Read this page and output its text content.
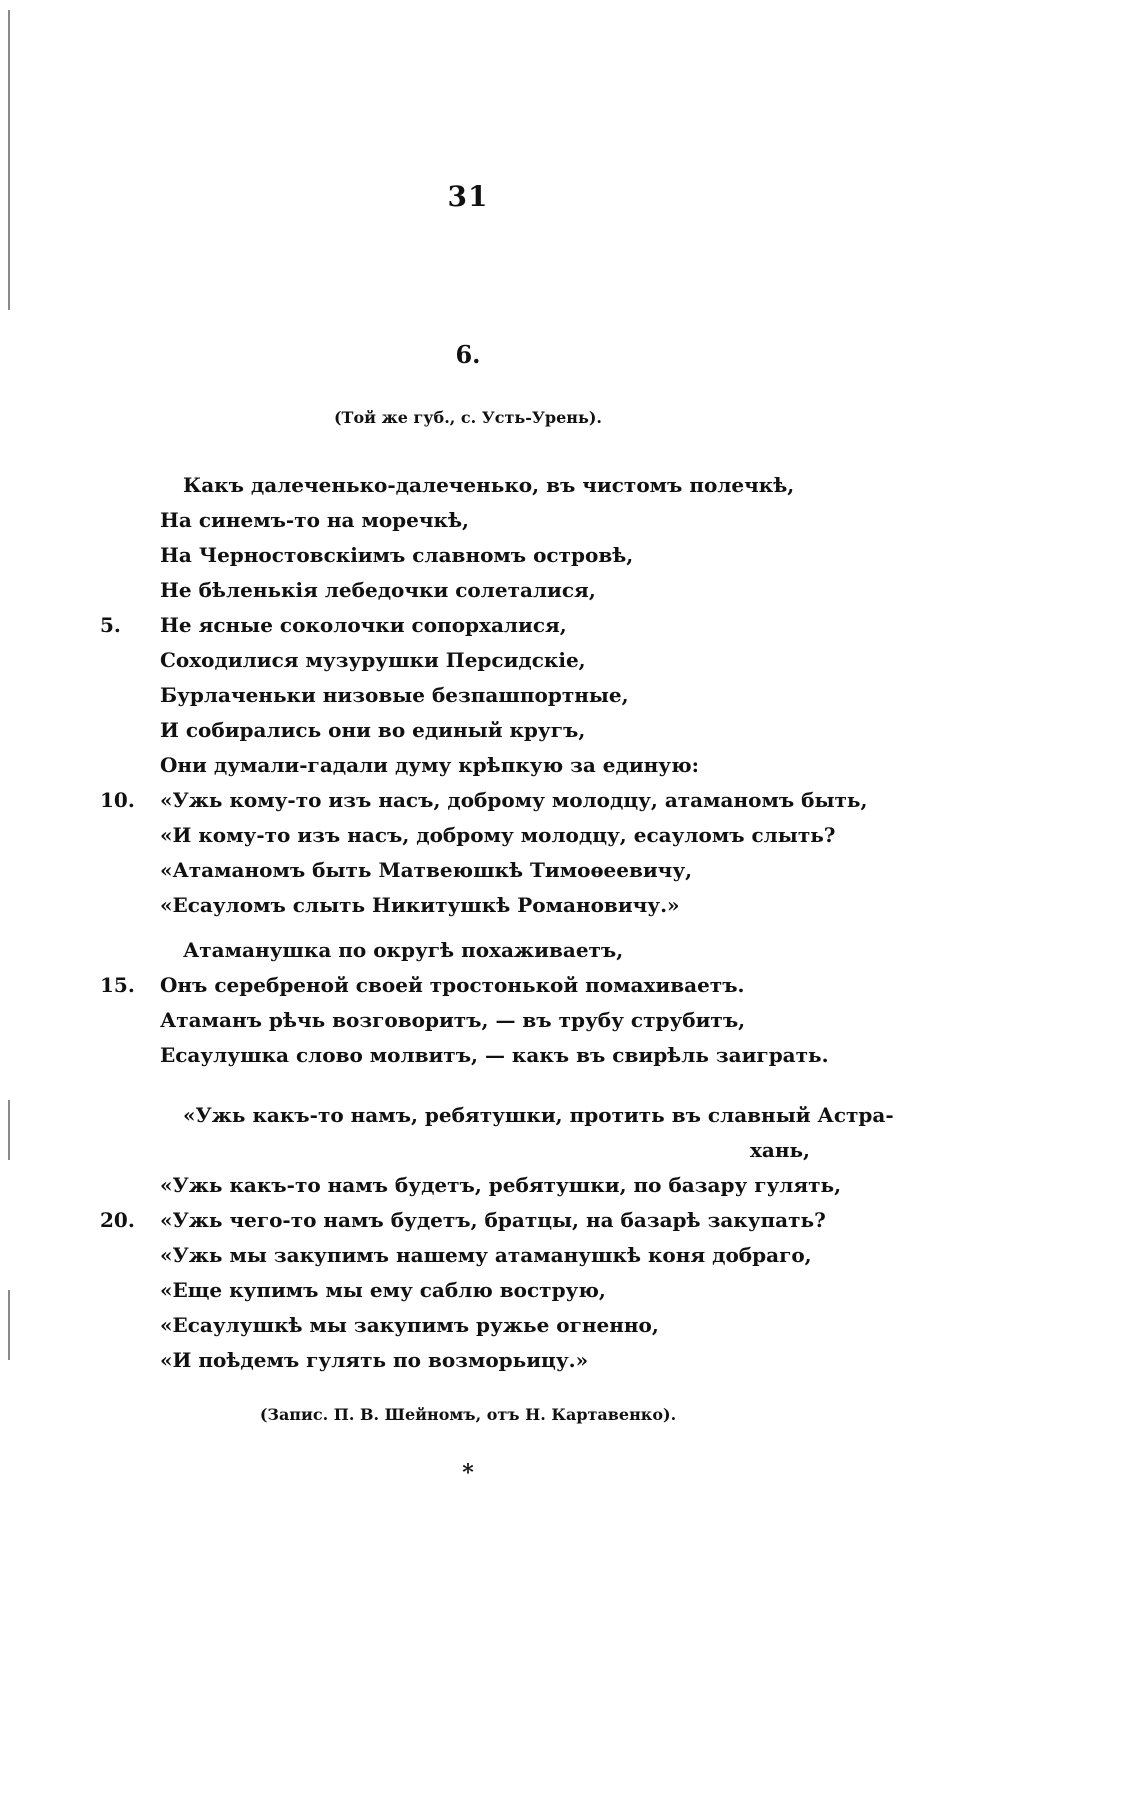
31
6.
(Той же губ., с. Усть-Урень).
Какъ далеченько-далеченько, въ чистомъ полечкѣ,
На синемъ-то на моречкѣ,
На Черностовскіимъ славномъ островѣ,
Не бѣленькія лебедочки солеталися,
5.	Не ясные соколочки сопорхалися,
Соходилися музурушки Персидскіе,
Бурлаченьки низовые безпашпортные,
И собирались они во единый кругъ,
Они думали-гадали думу крѣпкую за единую:
10.	«Ужь кому-то изъ насъ, доброму молодцу, атаманомъ быть,
«И кому-то изъ насъ, доброму молодцу, есауломъ слыть?
«Атаманомъ быть Матвеюшкѣ Тимоѳеевичу,
«Есауломъ слыть Никитушкѣ Романовичу.»
Атаманушка по округѣ похаживаетъ,
15.	Онъ серебреной своей тростонькой помахиваетъ.
Атаманъ рѣчь возговоритъ, — въ трубу струбитъ,
Есаулушка слово молвитъ, — какъ въ свирѣль заиграть.
«Ужь какъ-то намъ, ребятушки, протить въ славный Астра-
хань,
«Ужь какъ-то намъ будетъ, ребятушки, по базару гулять,
20.	«Ужь чего-то намъ будетъ, братцы, на базарѣ закупать?
«Ужь мы закупимъ нашему атаманушкѣ коня добраго,
«Еще купимъ мы ему саблю вострую,
«Есаулушкѣ мы закупимъ ружье огненно,
«И поѣдемъ гулять по возморьицу.»
(Запис. П. В. Шейномъ, отъ Н. Картавенко).
*
